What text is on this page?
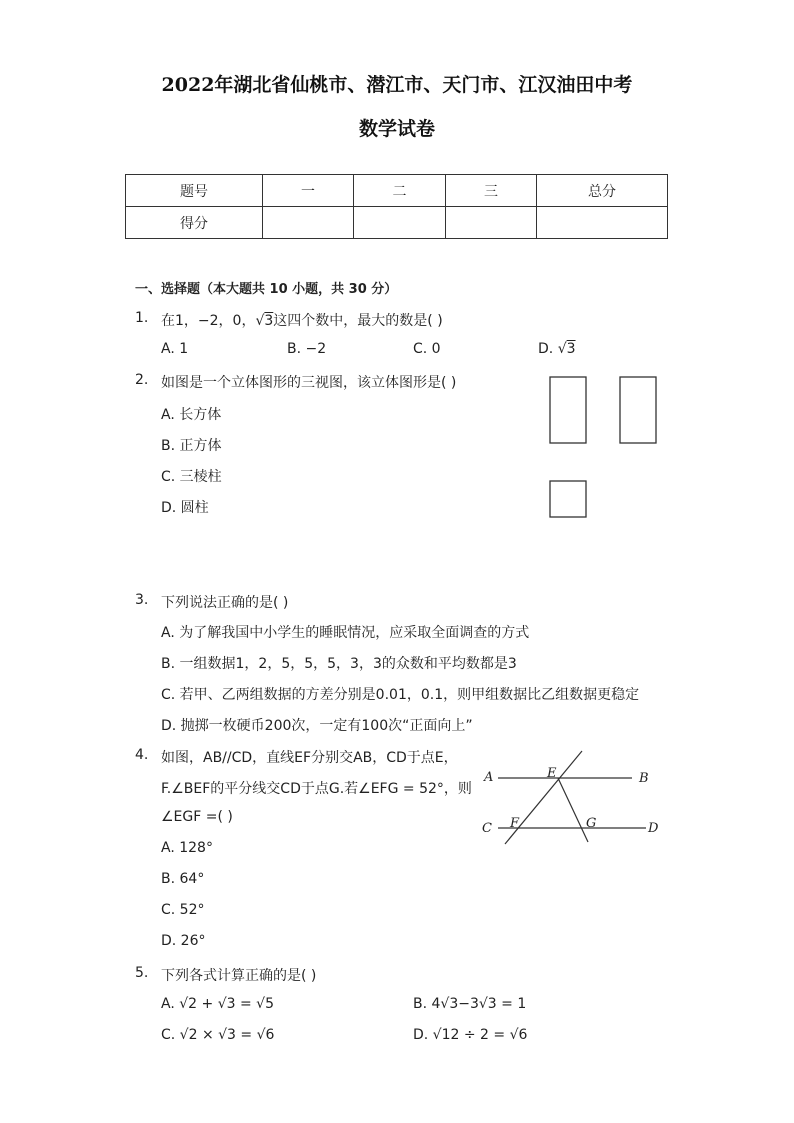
2022年湖北省仙桃市、潜江市、天门市、江汉油田中考
数学试卷
题号	一	二	三	总分
得分				
一、选择题（本大题共 10 小题，共 30 分）
1. 在1，−2，0，√3这四个数中，最大的数是( )
A. 1	B. −2	C. 0	D. √3
2. 如图是一个立体图形的三视图，该立体图形是( )
A. 长方体
B. 正方体
C. 三棱柱
D. 圆柱
3. 下列说法正确的是( )
A. 为了解我国中小学生的睡眠情况，应采取全面调查的方式
B. 一组数据1，2，5，5，5，3，3的众数和平均数都是3
C. 若甲、乙两组数据的方差分别是0.01，0.1，则甲组数据比乙组数据更稳定
D. 抛掷一枚硬币200次，一定有100次“正面向上”
4. 如图，AB//CD，直线EF分别交AB，CD于点E，
F.∠BEF的平分线交CD于点G.若∠EFG = 52°，则
∠EGF =( )
A. 128°
B. 64°
C. 52°
D. 26°
A	E	B
C F	G	D
5. 下列各式计算正确的是( )
A. √2 + √3 = √5	B. 4√3−3√3 = 1
C. √2 × √3 = √6	D. √12 ÷ 2 = √6
